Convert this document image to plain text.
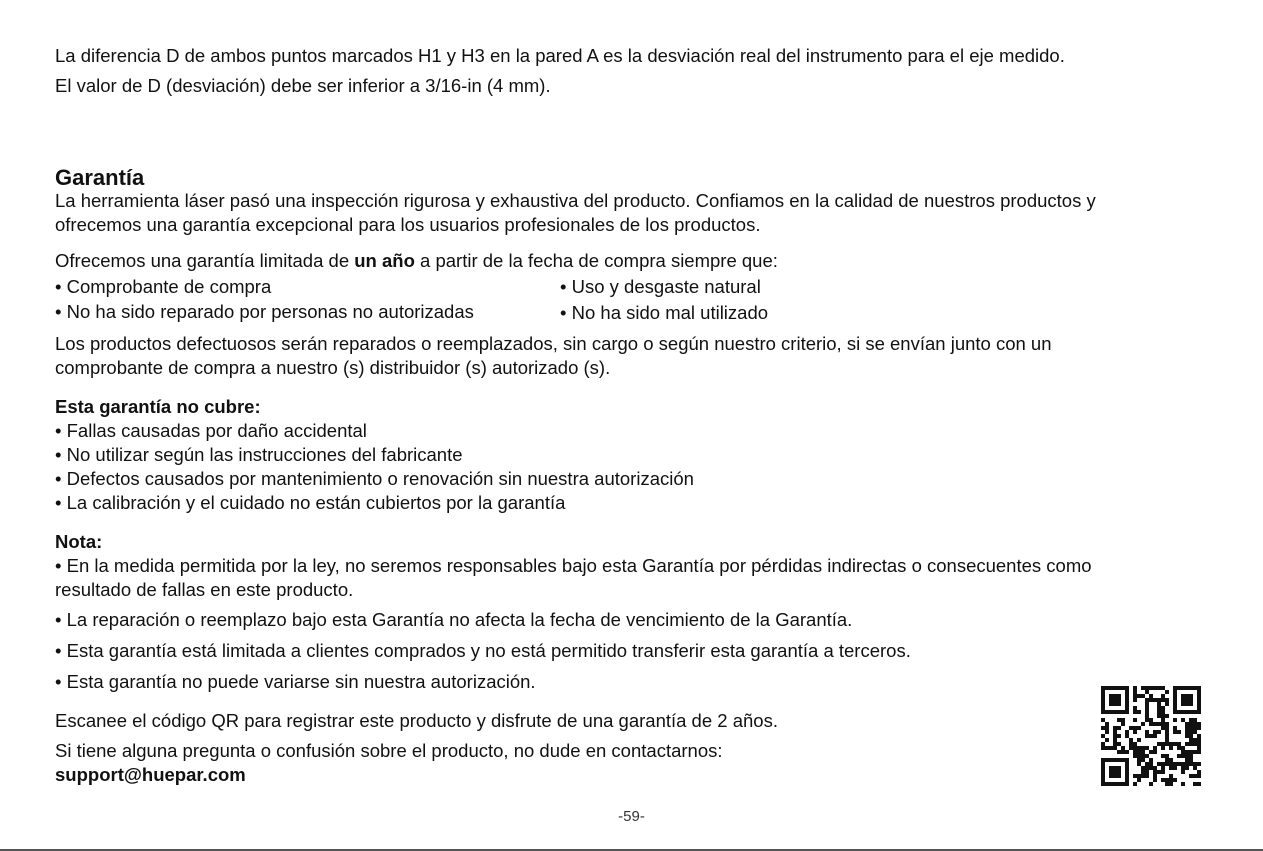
La diferencia D de ambos puntos marcados H1 y H3 en la pared A es la desviación real del instrumento para el eje medido.
El valor de D (desviación) debe ser inferior a 3/16-in (4 mm).

Garantía

La herramienta láser pasó una inspección rigurosa y exhaustiva del producto. Confiamos en la calidad de nuestros productos y
ofrecemos una garantía excepcional para los usuarios profesionales de los productos.

Ofrecemos una garantía limitada de un año a partir de la fecha de compra siempre que:

• Comprobante de compra	• Uso y desgaste natural
• No ha sido reparado por personas no autorizadas	• No ha sido mal utilizado

Los productos defectuosos serán reparados o reemplazados, sin cargo o según nuestro criterio, si se envían junto con un
comprobante de compra a nuestro (s) distribuidor (s) autorizado (s).

Esta garantía no cubre:
• Fallas causadas por daño accidental
• No utilizar según las instrucciones del fabricante
• Defectos causados por mantenimiento o renovación sin nuestra autorización
• La calibración y el cuidado no están cubiertos por la garantía
Nota:
• En la medida permitida por la ley, no seremos responsables bajo esta Garantía por pérdidas indirectas o consecuentes como
resultado de fallas en este producto.
• La reparación o reemplazo bajo esta Garantía no afecta la fecha de vencimiento de la Garantía.
• Esta garantía está limitada a clientes comprados y no está permitido transferir esta garantía a terceros.
• Esta garantía no puede variarse sin nuestra autorización.
Escanee el código QR para registrar este producto y disfrute de una garantía de 2 años.
Si tiene alguna pregunta o confusión sobre el producto, no dude en contactarnos:
support@huepar.com
-59-
